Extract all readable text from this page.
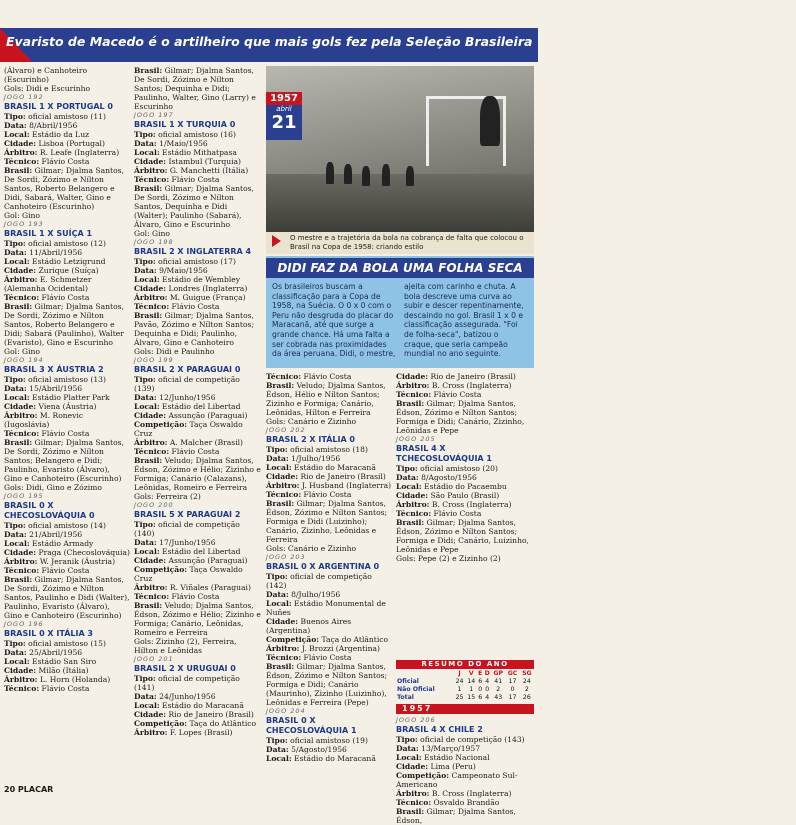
Evaristo de Macedo é o artilheiro que mais gols fez pela Seleção Brasileira

(Álvaro) e Canhoteiro (Escurinho)

Gols: Didi e Escurinho

JOGO 192

BRASIL 1 X PORTUGAL 0

Tipo: oficial amistoso (11)

Data: 8/Abril/1956

Local: Estádio da Luz

Cidade: Lisboa (Portugal)

Árbitro: R. Leafe (Inglaterra)

Técnico: Flávio Costa

Brasil: Gilmar; Djalma Santos, De Sordi, Zózimo e Nílton Santos, Roberto Belangero e Didi, Sabará, Walter, Gino e Canhoteiro (Escurinho)

Gol: Gino

JOGO 193

BRASIL 1 X SUÍÇA 1

Tipo: oficial amistoso (12)

Data: 11/Abril/1956

Local: Estádio Letzigrund

Cidade: Zurique (Suíça)

Árbitro: E. Schmetzer (Alemanha Ocidental)

Técnico: Flávio Costa

Brasil: Gilmar; Djalma Santos, De Sordi, Zózimo e Nílton Santos, Roberto Belangero e Didi; Sabará (Paulinho), Walter (Evaristo), Gino e Escurinho

Gol: Gino

JOGO 194

BRASIL 3 X ÁUSTRIA 2

Tipo: oficial amistoso (13)

Data: 15/Abril/1956

Local: Estádio Platter Park

Cidade: Viena (Áustria)

Árbitro: M. Ronevic (Iugoslávia)

Técnico: Flávio Costa

Brasil: Gilmar; Djalma Santos, De Sordi, Zózimo e Nílton Santos; Belangero e Didi; Paulinho, Evaristo (Álvaro), Gino e Canhoteiro (Escurinho)

Gols: Didi, Gino e Zózimo

JOGO 195

BRASIL 0 X

CHECOSLOVÁQUIA 0

Tipo: oficial amistoso (14)

Data: 21/Abril/1956

Local: Estádio Armady

Cidade: Praga (Checoslováquia)

Árbitro: W. Jeranik (Áustria)

Técnico: Flávio Costa

Brasil: Gilmar; Djalma Santos, De Sordi, Zózimo e Nílton Santos, Paulinho e Didi (Walter), Paulinho, Evaristo (Álvaro), Gino e Canhoteiro (Escurinho)

JOGO 196

BRASIL 0 X ITÁLIA 3

Tipo: oficial amistoso (15)

Data: 25/Abril/1956

Local: Estádio San Siro

Cidade: Milão (Itália)

Árbitro: L. Horn (Holanda)

Técnico: Flávio Costa

Brasil: Gilmar; Djalma Santos, De Sordi, Zózimo e Nílton Santos; Dequinha e Didi; Paulinho, Walter, Gino (Larry) e Escurinho

JOGO 197

BRASIL 1 X TURQUIA 0

Tipo: oficial amistoso (16)

Data: 1/Maio/1956

Local: Estádio Mithatpasa

Cidade: Istambul (Turquia)

Árbitro: G. Manchetti (Itália)

Técnico: Flávio Costa

Brasil: Gilmar; Djalma Santos, De Sordi, Zózimo e Nílton Santos, Dequinha e Didi (Walter); Paulinho (Sabará), Álvaro, Gino e Escurinho

Gol: Gino

JOGO 198

BRASIL 2 X INGLATERRA 4

Tipo: oficial amistoso (17)

Data: 9/Maio/1956

Local: Estádio de Wembley

Cidade: Londres (Inglaterra)

Árbitro: M. Guigue (França)

Técnico: Flávio Costa

Brasil: Gilmar; Djalma Santos, Pavão, Zózimo e Nílton Santos; Dequinha e Didi; Paulinho, Álvaro, Gino e Canhoteiro

Gols: Didi e Paulinho

JOGO 199

BRASIL 2 X PARAGUAI 0

Tipo: oficial de competição (139)

Data: 12/Junho/1956

Local: Estádio del Libertad

Cidade: Assunção (Paraguai)

Competição: Taça Oswaldo Cruz

Árbitro: A. Malcher (Brasil)

Técnico: Flávio Costa

Brasil: Veludo; Djalma Santos, Édson, Zózimo e Hélio; Zizinho e Formiga; Canário (Calazans), Leônidas, Romeiro e Ferreira

Gols: Ferreira (2)

JOGO 200

BRASIL 5 X PARAGUAI 2

Tipo: oficial de competição (140)

Data: 17/Junho/1956

Local: Estádio del Libertad

Cidade: Assunção (Paraguai)

Competição: Taça Oswaldo Cruz

Árbitro: R. Viñales (Paraguai)

Técnico: Flávio Costa

Brasil: Veludo; Djalma Santos, Édson, Zózimo e Hélio; Zizinho e Formiga; Canário, Leônidas, Romeiro e Ferreira

Gols: Zizinho (2), Ferreira, Hílton e Leônidas

JOGO 201

BRASIL 2 X URUGUAI 0

Tipo: oficial de competição (141)

Data: 24/Junho/1956

Local: Estádio do Maracanã

Cidade: Rio de Janeiro (Brasil)

Competição: Taça do Atlântico

Árbitro: F. Lopes (Brasil)

Técnico: Flávio Costa

Brasil: Veludo; Djalma Santos, Édson, Hélio e Nílton Santos; Zizinho e Formiga; Canário, Leônidas, Hílton e Ferreira

Gols: Canário e Zizinho

JOGO 202

BRASIL 2 X ITÁLIA 0

Tipo: oficial amistoso (18)

Data: 1/Julho/1956

Local: Estádio do Maracanã

Cidade: Rio de Janeiro (Brasil)

Árbitro: J. Husband (Inglaterra)

Técnico: Flávio Costa

Brasil: Gilmar; Djalma Santos, Édson, Zózimo e Nílton Santos; Formiga e Didi (Luizinho); Canário, Zizinho, Leônidas e Ferreira

Gols: Canário e Zizinho

JOGO 203

BRASIL 0 X ARGENTINA 0

Tipo: oficial de competição (142)

Data: 8/Julho/1956

Local: Estádio Monumental de Nuñes

Cidade: Buenos Aires (Argentina)

Competição: Taça do Atlântico

Árbitro: J. Brozzi (Argentina)

Técnico: Flávio Costa

Brasil: Gilmar; Djalma Santos, Édson, Zózimo e Nílton Santos; Formiga e Didi; Canário (Maurinho), Zizinho (Luizinho), Leônidas e Ferreira (Pepe)

JOGO 204

BRASIL 0 X

CHECOSLOVÁQUIA 1

Tipo: oficial amistoso (19)

Data: 5/Agosto/1956

Local: Estádio do Maracanã

Cidade: Rio de Janeiro (Brasil)

Árbitro: B. Cross (Inglaterra)

Técnico: Flávio Costa

Brasil: Gilmar; Djalma Santos, Édson, Zózimo e Nílton Santos; Formiga e Didi; Canário, Zizinho, Leônidas e Pepe

JOGO 205

BRASIL 4 X

TCHECOSLOVÁQUIA 1

Tipo: oficial amistoso (20)

Data: 8/Agosto/1956

Local: Estádio do Pacaembu

Cidade: São Paulo (Brasil)

Árbitro: B. Cross (Inglaterra)

Técnico: Flávio Costa

Brasil: Gilmar; Djalma Santos, Édson, Zózimo e Nílton Santos; Formiga e Didi; Canário, Luizinho, Leônidas e Pepe

Gols: Pepe (2) e Zizinho (2)

JOGO 206

BRASIL 4 X CHILE 2

Tipo: oficial de competição (143)

Data: 13/Março/1957

Local: Estádio Nacional

Cidade: Lima (Peru)

Competição: Campeonato Sul-Americano

Árbitro: B. Cross (Inglaterra)

Técnico: Osvaldo Brandão

Brasil: Gilmar; Djalma Santos, Édson,

ARQUIVO
1957
abril
21
O mestre e a trajetória da bola na cobrança de falta que colocou o Brasil na Copa de 1958: criando estilo
DIDI FAZ DA BOLA UMA FOLHA SECA
Os brasileiros buscam a classificação para a Copa de 1958, na Suécia. O 0 x 0 com o Peru não desgruda do placar do Maracanã, até que surge a grande chance. Há uma falta a ser cobrada nas proximidades da área peruana. Didi, o mestre,
ajeita com carinho e chuta. A bola descreve uma curva ao subir e descer repentinamente, descaindo no gol. Brasil 1 x 0 e classificação assegurada. "Foi de folha-seca", batizou o craque, que seria campeão mundial no ano seguinte.
RESUMO DO ANO
	J	V	E	D	GP	GC	SG
Oficial	24	14	6	4	41	17	24
Não Oficial	1	1	0	0	2	0	2
Total	25	15	6	4	43	17	26
1957
20 PLACAR
